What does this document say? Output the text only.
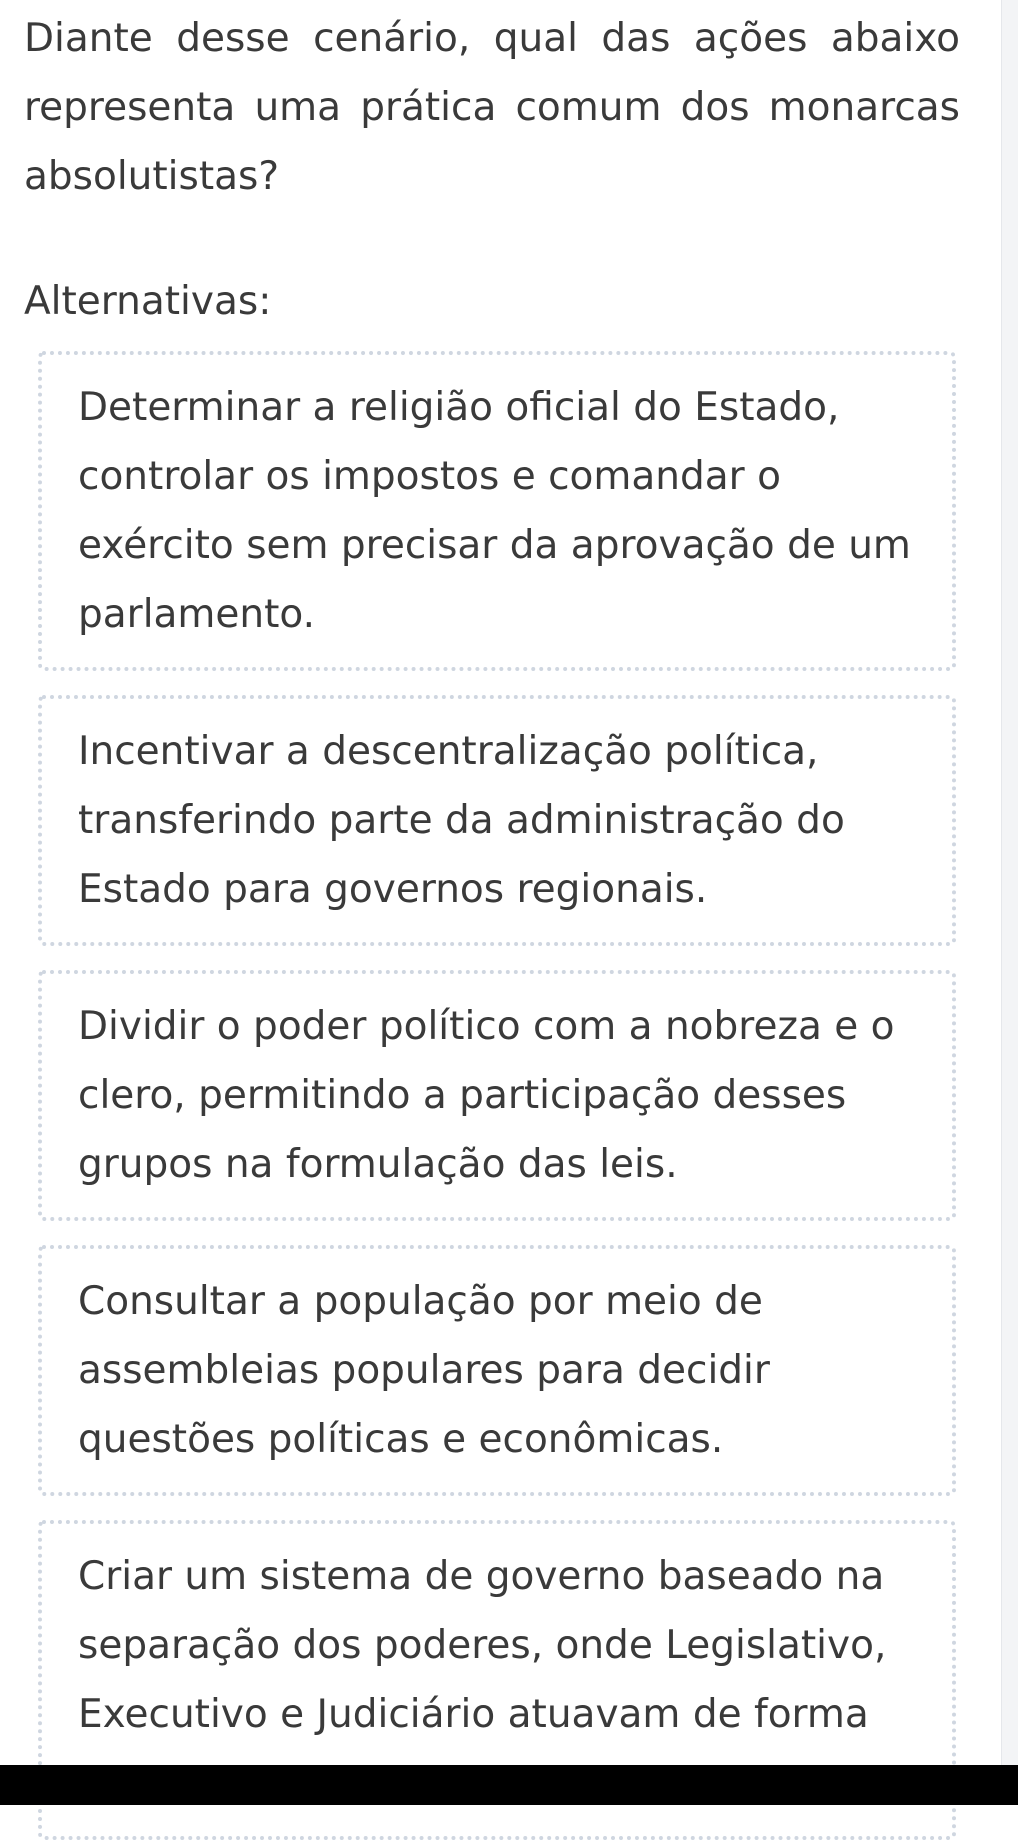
Diante desse cenário, qual das ações abaixo representa uma prática comum dos monarcas absolutistas?

Alternativas:

Determinar a religião oficial do Estado, controlar os impostos e comandar o exército sem precisar da aprovação de um parlamento.
Incentivar a descentralização política, transferindo parte da administração do Estado para governos regionais.
Dividir o poder político com a nobreza e o clero, permitindo a participação desses grupos na formulação das leis.
Consultar a população por meio de assembleias populares para decidir questões políticas e econômicas.
Criar um sistema de governo baseado na separação dos poderes, onde Legislativo, Executivo e Judiciário atuavam de forma
